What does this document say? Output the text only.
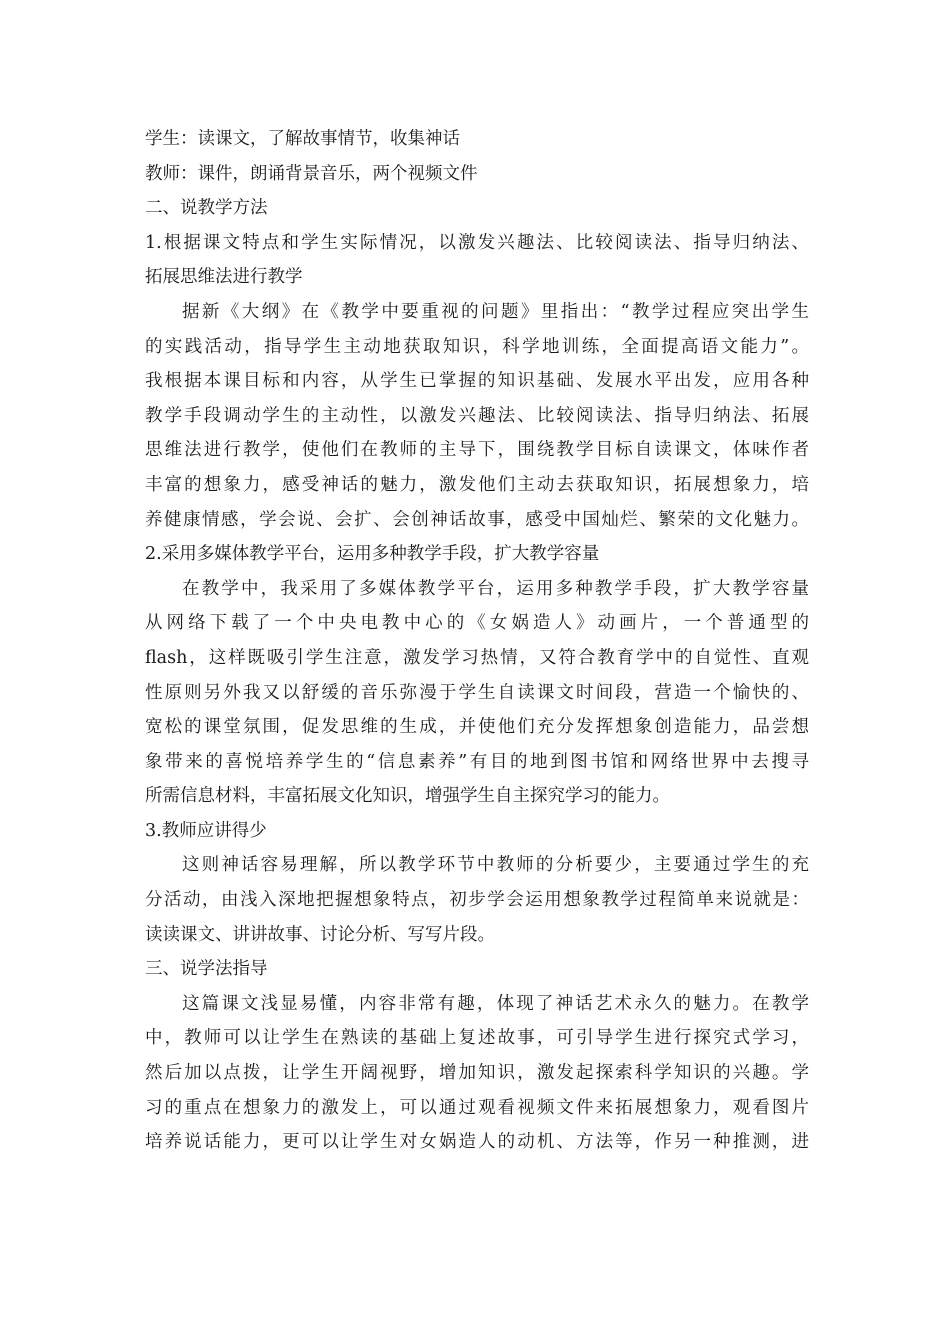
学生：读课文，了解故事情节，收集神话
教师：课件，朗诵背景音乐，两个视频文件
二、说教学方法
1.根据课文特点和学生实际情况，以激发兴趣法、比较阅读法、指导归纳法、
拓展思维法进行教学
据新《大纲》在《教学中要重视的问题》里指出：“教学过程应突出学生
的实践活动，指导学生主动地获取知识，科学地训练，全面提高语文能力”。
我根据本课目标和内容，从学生已掌握的知识基础、发展水平出发，应用各种
教学手段调动学生的主动性，以激发兴趣法、比较阅读法、指导归纳法、拓展
思维法进行教学，使他们在教师的主导下，围绕教学目标自读课文，体味作者
丰富的想象力，感受神话的魅力，激发他们主动去获取知识，拓展想象力，培
养健康情感，学会说、会扩、会创神话故事，感受中国灿烂、繁荣的文化魅力。
2.采用多媒体教学平台，运用多种教学手段，扩大教学容量
在教学中，我采用了多媒体教学平台，运用多种教学手段，扩大教学容量
从网络下载了一个中央电教中心的《女娲造人》动画片，一个普通型的
flash，这样既吸引学生注意，激发学习热情，又符合教育学中的自觉性、直观
性原则另外我又以舒缓的音乐弥漫于学生自读课文时间段，营造一个愉快的、
宽松的课堂氛围，促发思维的生成，并使他们充分发挥想象创造能力，品尝想
象带来的喜悦培养学生的“信息素养”有目的地到图书馆和网络世界中去搜寻
所需信息材料，丰富拓展文化知识，增强学生自主探究学习的能力。
3.教师应讲得少
这则神话容易理解，所以教学环节中教师的分析要少，主要通过学生的充
分活动，由浅入深地把握想象特点，初步学会运用想象教学过程简单来说就是：
读读课文、讲讲故事、讨论分析、写写片段。
三、说学法指导
这篇课文浅显易懂，内容非常有趣，体现了神话艺术永久的魅力。在教学
中，教师可以让学生在熟读的基础上复述故事，可引导学生进行探究式学习，
然后加以点拨，让学生开阔视野，增加知识，激发起探索科学知识的兴趣。学
习的重点在想象力的激发上，可以通过观看视频文件来拓展想象力，观看图片
培养说话能力，更可以让学生对女娲造人的动机、方法等，作另一种推测，进
